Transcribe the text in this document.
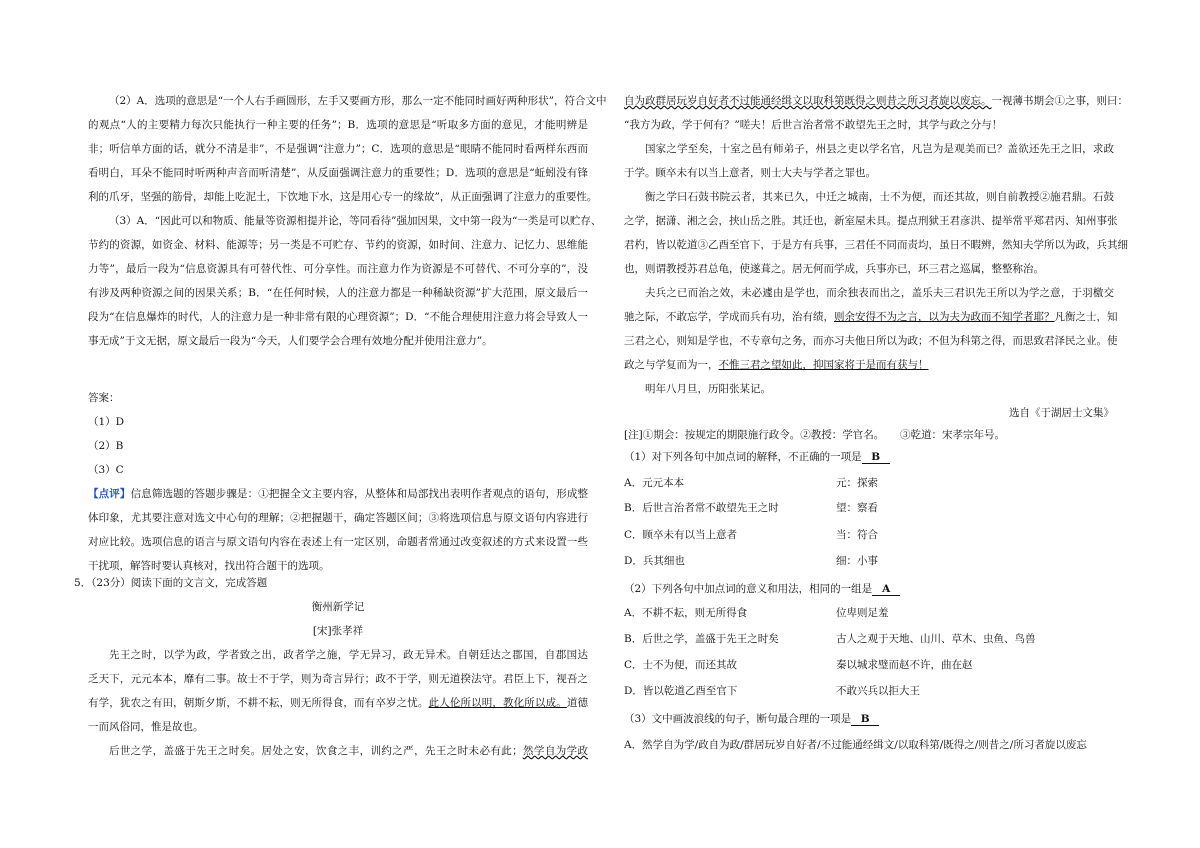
（2）A．选项的意思是“一个人右手画圆形，左手又要画方形，那么一定不能同时画好两种形状”，符合文中
的观点“人的主要精力每次只能执行一种主要的任务”；B．选项的意思是“听取多方面的意见，才能明辨是
非；听信单方面的话，就分不清是非”，不是强调“注意力”；C．选项的意思是“眼睛不能同时看两样东西而
看明白，耳朵不能同时听两种声音而听清楚”，从反面强调注意力的重要性；D．选项的意思是“蚯蚓没有锋
利的爪牙，坚强的筋骨，却能上吃泥土，下饮地下水，这是用心专一的缘故”，从正面强调了注意力的重要性。
（3）A．“因此可以和物质、能量等资源相提并论，等同看待”强加因果，文中第一段为“一类是可以贮存、
节约的资源，如资金、材料、能源等；另一类是不可贮存、节约的资源，如时间、注意力、记忆力、思维能
力等”，最后一段为“信息资源具有可替代性、可分享性。而注意力作为资源是不可替代、不可分享的”，没
有涉及两种资源之间的因果关系；B．“在任何时候，人的注意力都是一种稀缺资源”扩大范围，原文最后一
段为“在信息爆炸的时代，人的注意力是一种非常有限的心理资源”；D．“不能合理使用注意力将会导致人一
事无成”于文无据，原文最后一段为“今天，人们要学会合理有效地分配并使用注意力”。
答案：
（1）D
（2）B
（3）C
【点评】信息筛选题的答题步骤是：①把握全文主要内容，从整体和局部找出表明作者观点的语句，形成整
体印象，尤其要注意对选文中心句的理解；②把握题干，确定答题区间；③将选项信息与原文语句内容进行
对应比较。选项信息的语言与原文语句内容在表述上有一定区别，命题者常通过改变叙述的方式来设置一些
干扰项，解答时要认真核对，找出符合题干的选项。
5．（23分）阅读下面的文言文，完成答题
衡州新学记
[宋]张孝祥
先王之时，以学为政，学者致之出，政者学之施，学无异习，政无异术。自朝廷达之郡国，自郡国达
乏天下，元元本本，靡有二事。故士不于学，则为奇言异行；政不于学，则无道揆法守。君臣上下，视吾之
有学，犹农之有田，朝斯夕斯，不耕不耘，则无所得食，而有卒岁之忧。此人伦所以明，教化所以成。道德
一而风俗同，惟是故也。
后世之学，盖盛于先王之时矣。居处之安，饮食之丰，训约之严，先王之时未必有此；然学自为学政
自为政群居玩岁自好者不过能通经缉文以取科第既得之则昔之所习者旋以废忘。一视薄书期会①之事，则曰：
“我方为政，学于何有？”嗟夫！后世言治者常不敢望先王之时，其学与政之分与！
国家之学至矣，十室之邑有师弟子，州县之吏以学名官，凡岂为是观美而已？盖欲还先王之旧，求政
于学。顾卒未有以当上意者，则士大夫与学者之罪也。
衡之学曰石鼓书院云者，其来已久，中迁之城南，士不为便，而还其故，则自前教授②施君鼎。石鼓
之学，据潇、湘之会，挟山岳之胜。其迁也，新室屋未具。提点刑狱王君彦洪、提举常平郑君丙、知州事张
君杓，皆以乾道③乙酉至官下，于是方有兵事，三君任不同而责均，虽日不暇辨，然知夫学所以为政，兵其细
也，则谓教授苏君总龟，使遂葺之。居无何而学成，兵事亦已，环三君之巡属，整整称治。
夫兵之已而治之效，未必遽由是学也，而余独表而出之，盖乐夫三君识先王所以为学之意，于羽檄交
驰之际，不敢忘学，学成而兵有功，治有绩，则余安得不为之言，以为夫为政而不知学者耶？凡衡之士，知
三君之心，则知是学也，不专章句之务，而亦习夫他日所以为政；不但为科第之得，而思致君泽民之业。使
政之与学复而为一，不惟三君之望如此，抑国家将于是而有获与！
明年八月旦，历阳张某记。
选自《于湖居士文集》
[注]①期会：按规定的期限施行政令。②教授：学官名。　　③乾道：宋孝宗年号。
（1）对下列各句中加点词的解释，不正确的一项是 B
A．元元本本	元：探索
B．后世言治者常不敢望先王之时	望：察看
C．顾卒未有以当上意者	当：符合
D．兵其细也	细：小事
（2）下列各句中加点词的意义和用法，相同的一组是 A
A．不耕不耘，则无所得食	位卑则足羞
B．后世之学，盖盛于先王之时矣	古人之观于天地、山川、草木、虫鱼、鸟兽
C．士不为便，而还其故	秦以城求璧而赵不许，曲在赵
D．皆以乾道乙酉至官下	不敢兴兵以拒大王
（3）文中画波浪线的句子，断句最合理的一项是 B
A．然学自为学/政自为政/群居玩岁自好者/不过能通经缉文/以取科第/既得之/则昔之/所习者旋以废忘
